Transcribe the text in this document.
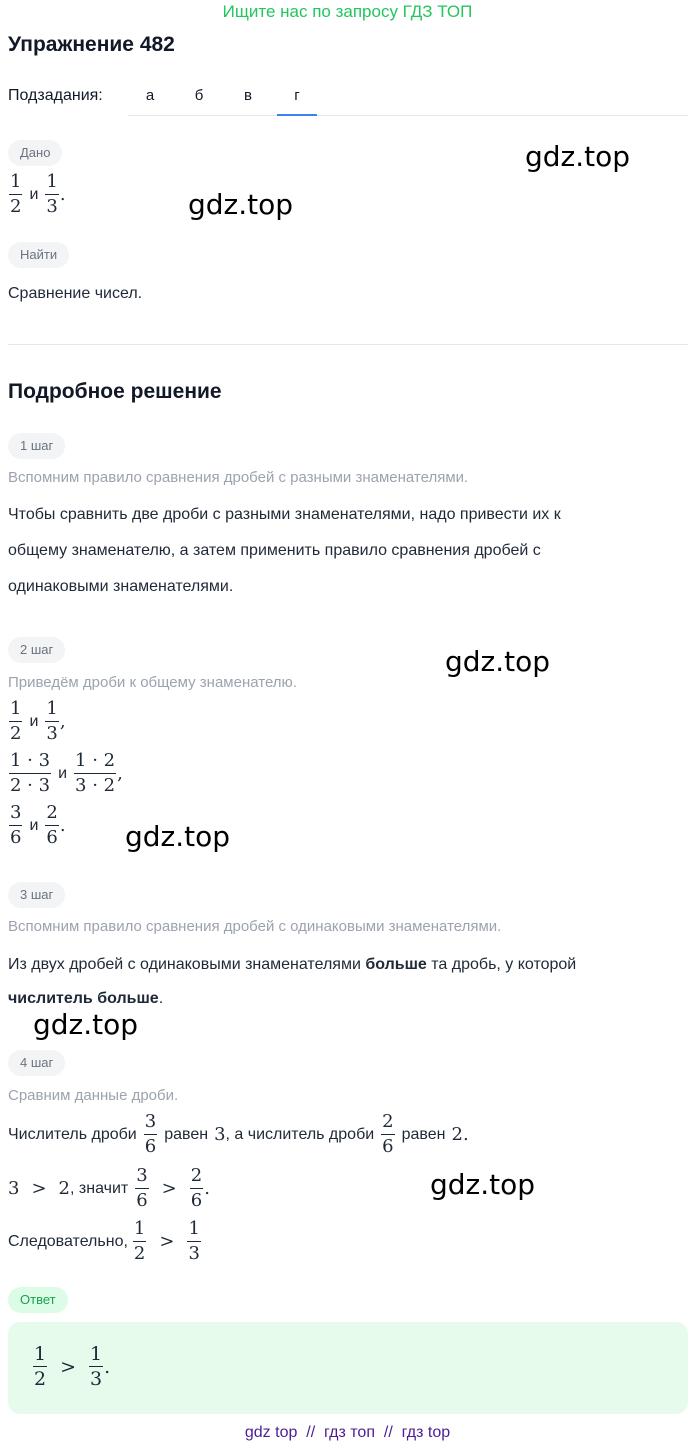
Ищите нас по запросу ГДЗ ТОП
Упражнение 482
Подзадания:	а	б	в	г
Дано
$\frac{1}{2}$ и $\frac{1}{3}$ .
gdz.top
gdz.top
Найти
Сравнение чисел.
Подробное решение
1 шаг
Вспомним правило сравнения дробей с разными знаменателями.
Чтобы сравнить две дроби с разными знаменателями, надо привести их к
общему знаменателю, а затем применить правило сравнения дробей с
одинаковыми знаменателями.
2 шаг
Приведём дроби к общему знаменателю.
gdz.top
$\frac{1}{2}$ и $\frac{1}{3}$ ,
$\frac{1 \cdot 3}{2 \cdot 3}$ и $\frac{1 \cdot 2}{3 \cdot 2}$ ,
$\frac{3}{6}$ и $\frac{2}{6}$ . gdz.top
3 шаг
Вспомним правило сравнения дробей с одинаковыми знаменателями.
Из двух дробей с одинаковыми знаменателями больше та дробь, у которой
числитель больше.
gdz.top
4 шаг
Сравним данные дроби.
Числитель дроби $\frac{3}{6}$ равен 3 , а числитель дроби $\frac{2}{6}$ равен 2 .
3 > 2 , значит $\frac{3}{6} > \frac{2}{6}$ .	gdz.top
Следовательно, $\frac{1}{2} > \frac{1}{3}$
Ответ
$\frac{1}{2} > \frac{1}{3}$ .
gdz top  //  гдз топ  //  гдз top
